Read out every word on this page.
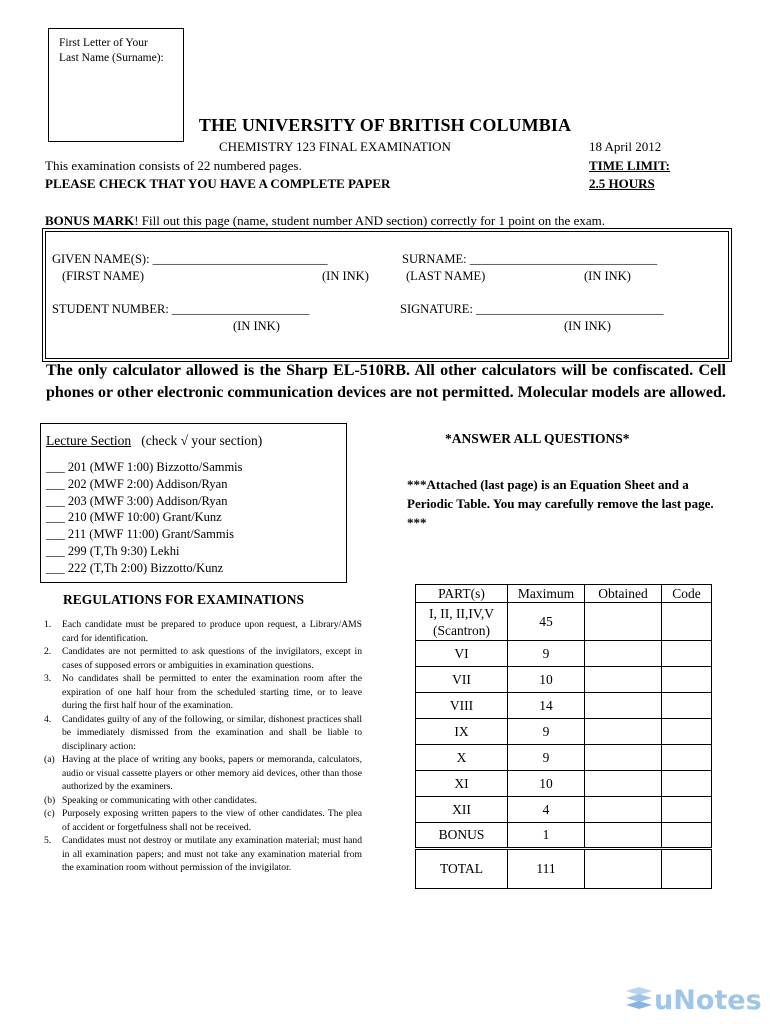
First Letter of Your
Last Name (Surname):
THE UNIVERSITY OF BRITISH COLUMBIA
CHEMISTRY 123 FINAL EXAMINATION	18 April 2012
This examination consists of 22 numbered pages.	TIME LIMIT:
PLEASE CHECK THAT YOU HAVE A COMPLETE PAPER	2.5 HOURS
BONUS MARK! Fill out this page (name, student number AND section) correctly for 1 point on the exam.
GIVEN NAME(S): ____________________________
(FIRST NAME)	(IN INK)
SURNAME: ______________________________
(LAST NAME)	(IN INK)
STUDENT NUMBER: ______________________
(IN INK)
SIGNATURE: ______________________________
(IN INK)
The only calculator allowed is the Sharp EL-510RB. All other calculators will be confiscated. Cell phones or other electronic communication devices are not permitted. Molecular models are allowed.
Lecture Section (check √ your section)
___ 201 (MWF 1:00) Bizzotto/Sammis
___ 202 (MWF 2:00) Addison/Ryan
___ 203 (MWF 3:00) Addison/Ryan
___ 210 (MWF 10:00) Grant/Kunz
___ 211 (MWF 11:00) Grant/Sammis
___ 299 (T,Th 9:30) Lekhi
___ 222 (T,Th 2:00) Bizzotto/Kunz
*ANSWER ALL QUESTIONS*
***Attached (last page) is an Equation Sheet and a Periodic Table. You may carefully remove the last page. ***
REGULATIONS FOR EXAMINATIONS
1. Each candidate must be prepared to produce upon request, a Library/AMS card for identification.
2. Candidates are not permitted to ask questions of the invigilators, except in cases of supposed errors or ambiguities in examination questions.
3. No candidates shall be permitted to enter the examination room after the expiration of one half hour from the scheduled starting time, or to leave during the first half hour of the examination.
4. Candidates guilty of any of the following, or similar, dishonest practices shall be immediately dismissed from the examination and shall be liable to disciplinary action:
(a) Having at the place of writing any books, papers or memoranda, calculators, audio or visual cassette players or other memory aid devices, other than those authorized by the examiners.
(b) Speaking or communicating with other candidates.
(c) Purposely exposing written papers to the view of other candidates. The plea of accident or forgetfulness shall not be received.
5. Candidates must not destroy or mutilate any examination material; must hand in all examination papers; and must not take any examination material from the examination room without permission of the invigilator.
PART(s)	Maximum	Obtained	Code
I, II, II,IV,V (Scantron)	45		
VI	9		
VII	10		
VIII	14		
IX	9		
X	9		
XI	10		
XII	4		
BONUS	1		
TOTAL	111		
uNotes
